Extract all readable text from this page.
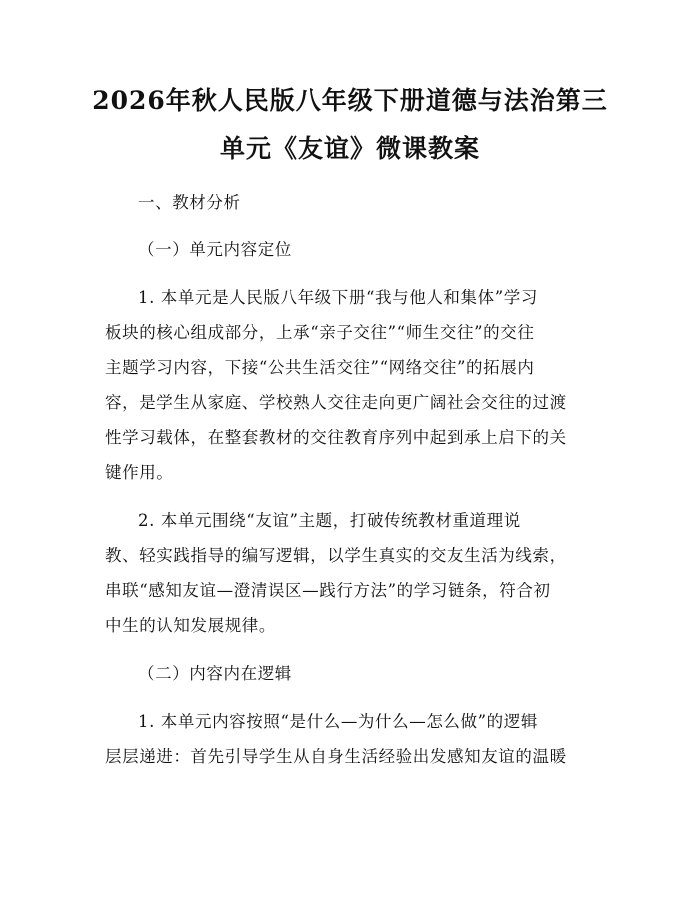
2026年秋人民版八年级下册道德与法治第三
单元《友谊》微课教案
一、教材分析
（一）单元内容定位
1. 本单元是人民版八年级下册“我与他人和集体”学习
板块的核心组成部分，上承“亲子交往”“师生交往”的交往
主题学习内容，下接“公共生活交往”“网络交往”的拓展内
容，是学生从家庭、学校熟人交往走向更广阔社会交往的过渡
性学习载体，在整套教材的交往教育序列中起到承上启下的关
键作用。
2. 本单元围绕“友谊”主题，打破传统教材重道理说
教、轻实践指导的编写逻辑，以学生真实的交友生活为线索，
串联“感知友谊—澄清误区—践行方法”的学习链条，符合初
中生的认知发展规律。
（二）内容内在逻辑
1. 本单元内容按照“是什么—为什么—怎么做”的逻辑
层层递进：首先引导学生从自身生活经验出发感知友谊的温暖
